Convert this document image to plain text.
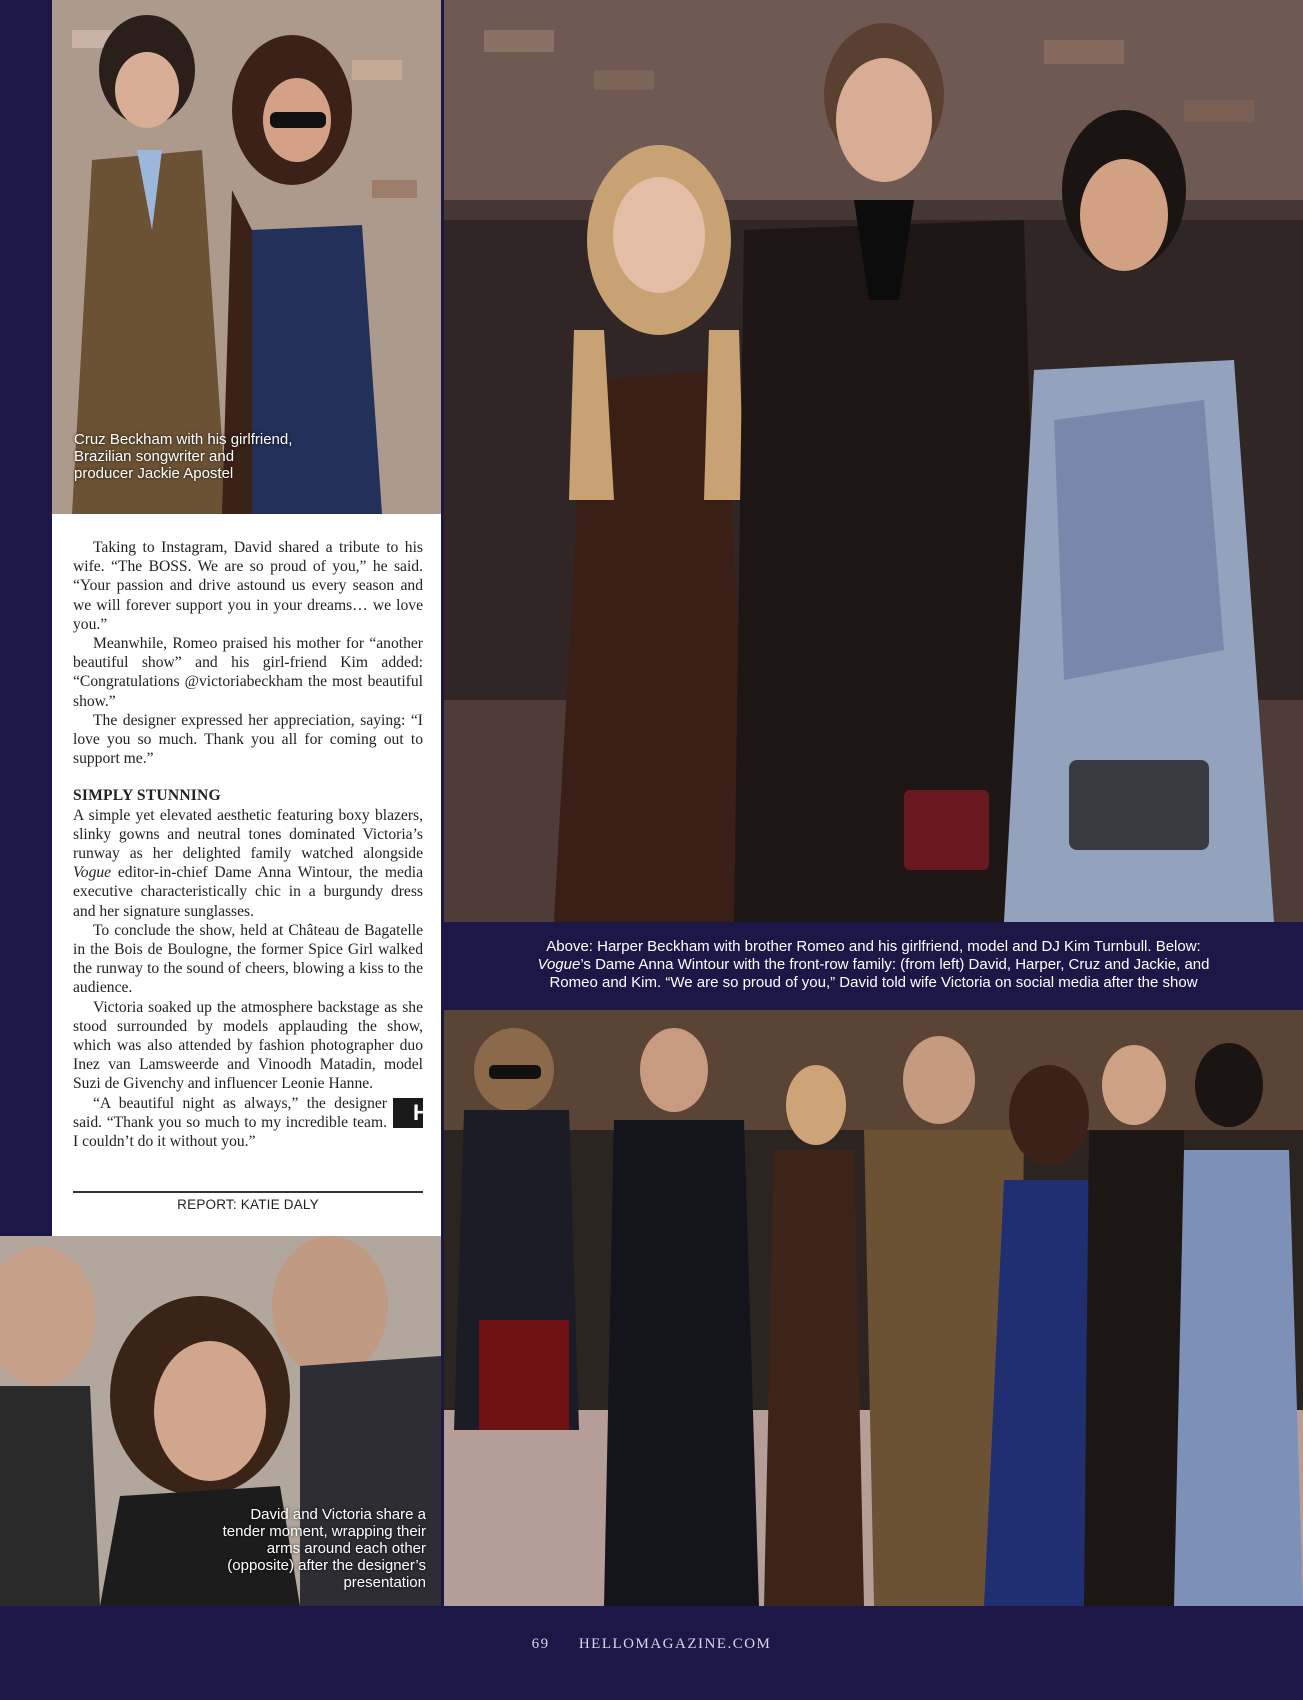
Cruz Beckham with his girlfriend, Brazilian songwriter and producer Jackie Apostel

Taking to Instagram, David shared a tribute to his wife. “The BOSS. We are so proud of you,” he said. “Your passion and drive astound us every season and we will forever support you in your dreams… we love you.”

Meanwhile, Romeo praised his mother for “another beautiful show” and his girl-friend Kim added: “Congratulations @victoriabeckham the most beautiful show.”

The designer expressed her appreciation, saying: “I love you so much. Thank you all for coming out to support me.”

SIMPLY STUNNING

A simple yet elevated aesthetic featuring boxy blazers, slinky gowns and neutral tones dominated Victoria’s runway as her delighted family watched alongside Vogue editor-in-chief Dame Anna Wintour, the media executive characteristically chic in a burgundy dress and her signature sunglasses.

To conclude the show, held at Château de Bagatelle in the Bois de Boulogne, the former Spice Girl walked the runway to the sound of cheers, blowing a kiss to the audience.

Victoria soaked up the atmosphere backstage as she stood surrounded by models applauding the show, which was also attended by fashion photographer duo Inez van Lamsweerde and Vinoodh Matadin, model Suzi de Givenchy and influencer Leonie Hanne.

H
“A beautiful night as always,” the designer said. “Thank you so much to my incredible team. I couldn’t do it without you.”

REPORT: KATIE DALY

Above: Harper Beckham with brother Romeo and his girlfriend, model and DJ Kim Turnbull. Below:
Vogue’s Dame Anna Wintour with the front-row family: (from left) David, Harper, Cruz and Jackie, and
Romeo and Kim. “We are so proud of you,” David told wife Victoria on social media after the show

David and Victoria share a tender moment, wrapping their arms around each other (opposite) after the designer’s presentation

69 HELLOMAGAZINE.COM
